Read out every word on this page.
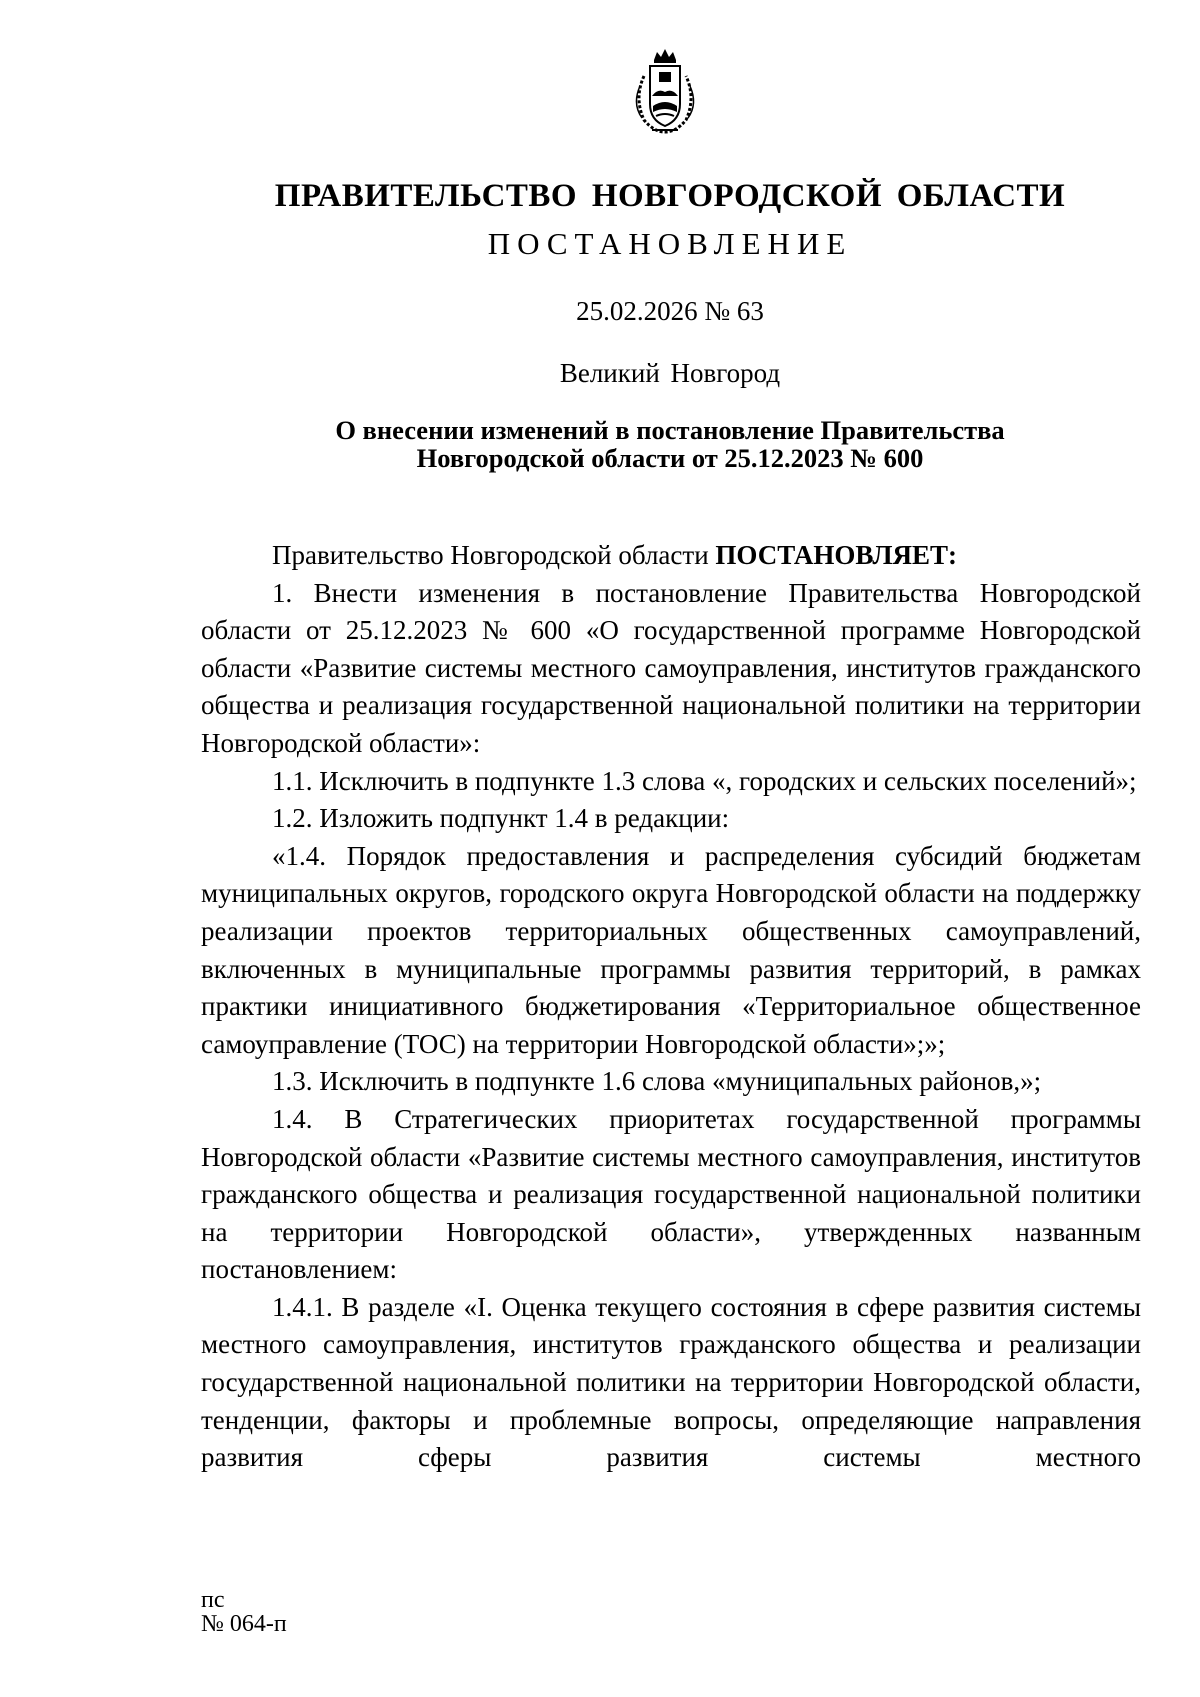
ПРАВИТЕЛЬСТВО НОВГОРОДСКОЙ ОБЛАСТИ
ПОСТАНОВЛЕНИЕ
25.02.2026 № 63
Великий Новгород
О внесении изменений в постановление Правительства
Новгородской области от 25.12.2023 № 600

Правительство Новгородской области ПОСТАНОВЛЯЕТ:

1. Внести изменения в постановление Правительства Новгородской области от 25.12.2023 № 600 «О государственной программе Новгородской области «Развитие системы местного самоуправления, институтов гражданского общества и реализация государственной национальной политики на территории Новгородской области»:

1.1. Исключить в подпункте 1.3 слова «, городских и сельских поселений»;

1.2. Изложить подпункт 1.4 в редакции:

«1.4. Порядок предоставления и распределения субсидий бюджетам муниципальных округов, городского округа Новгородской области на поддержку реализации проектов территориальных общественных самоуправлений, включенных в муниципальные программы развития территорий, в рамках практики инициативного бюджетирования «Территориальное общественное самоуправление (ТОС) на территории Новгородской области»;»;

1.3. Исключить в подпункте 1.6 слова «муниципальных районов,»;

1.4. В Стратегических приоритетах государственной программы Новгородской области «Развитие системы местного самоуправления, институтов гражданского общества и реализация государственной национальной политики на территории Новгородской области», утвержденных названным постановлением:

1.4.1. В разделе «I. Оценка текущего состояния в сфере развития системы местного самоуправления, институтов гражданского общества и реализации государственной национальной политики на территории Новгородской области, тенденции, факторы и проблемные вопросы, определяющие направления развития сферы развития системы местного

пс
№ 064-п
